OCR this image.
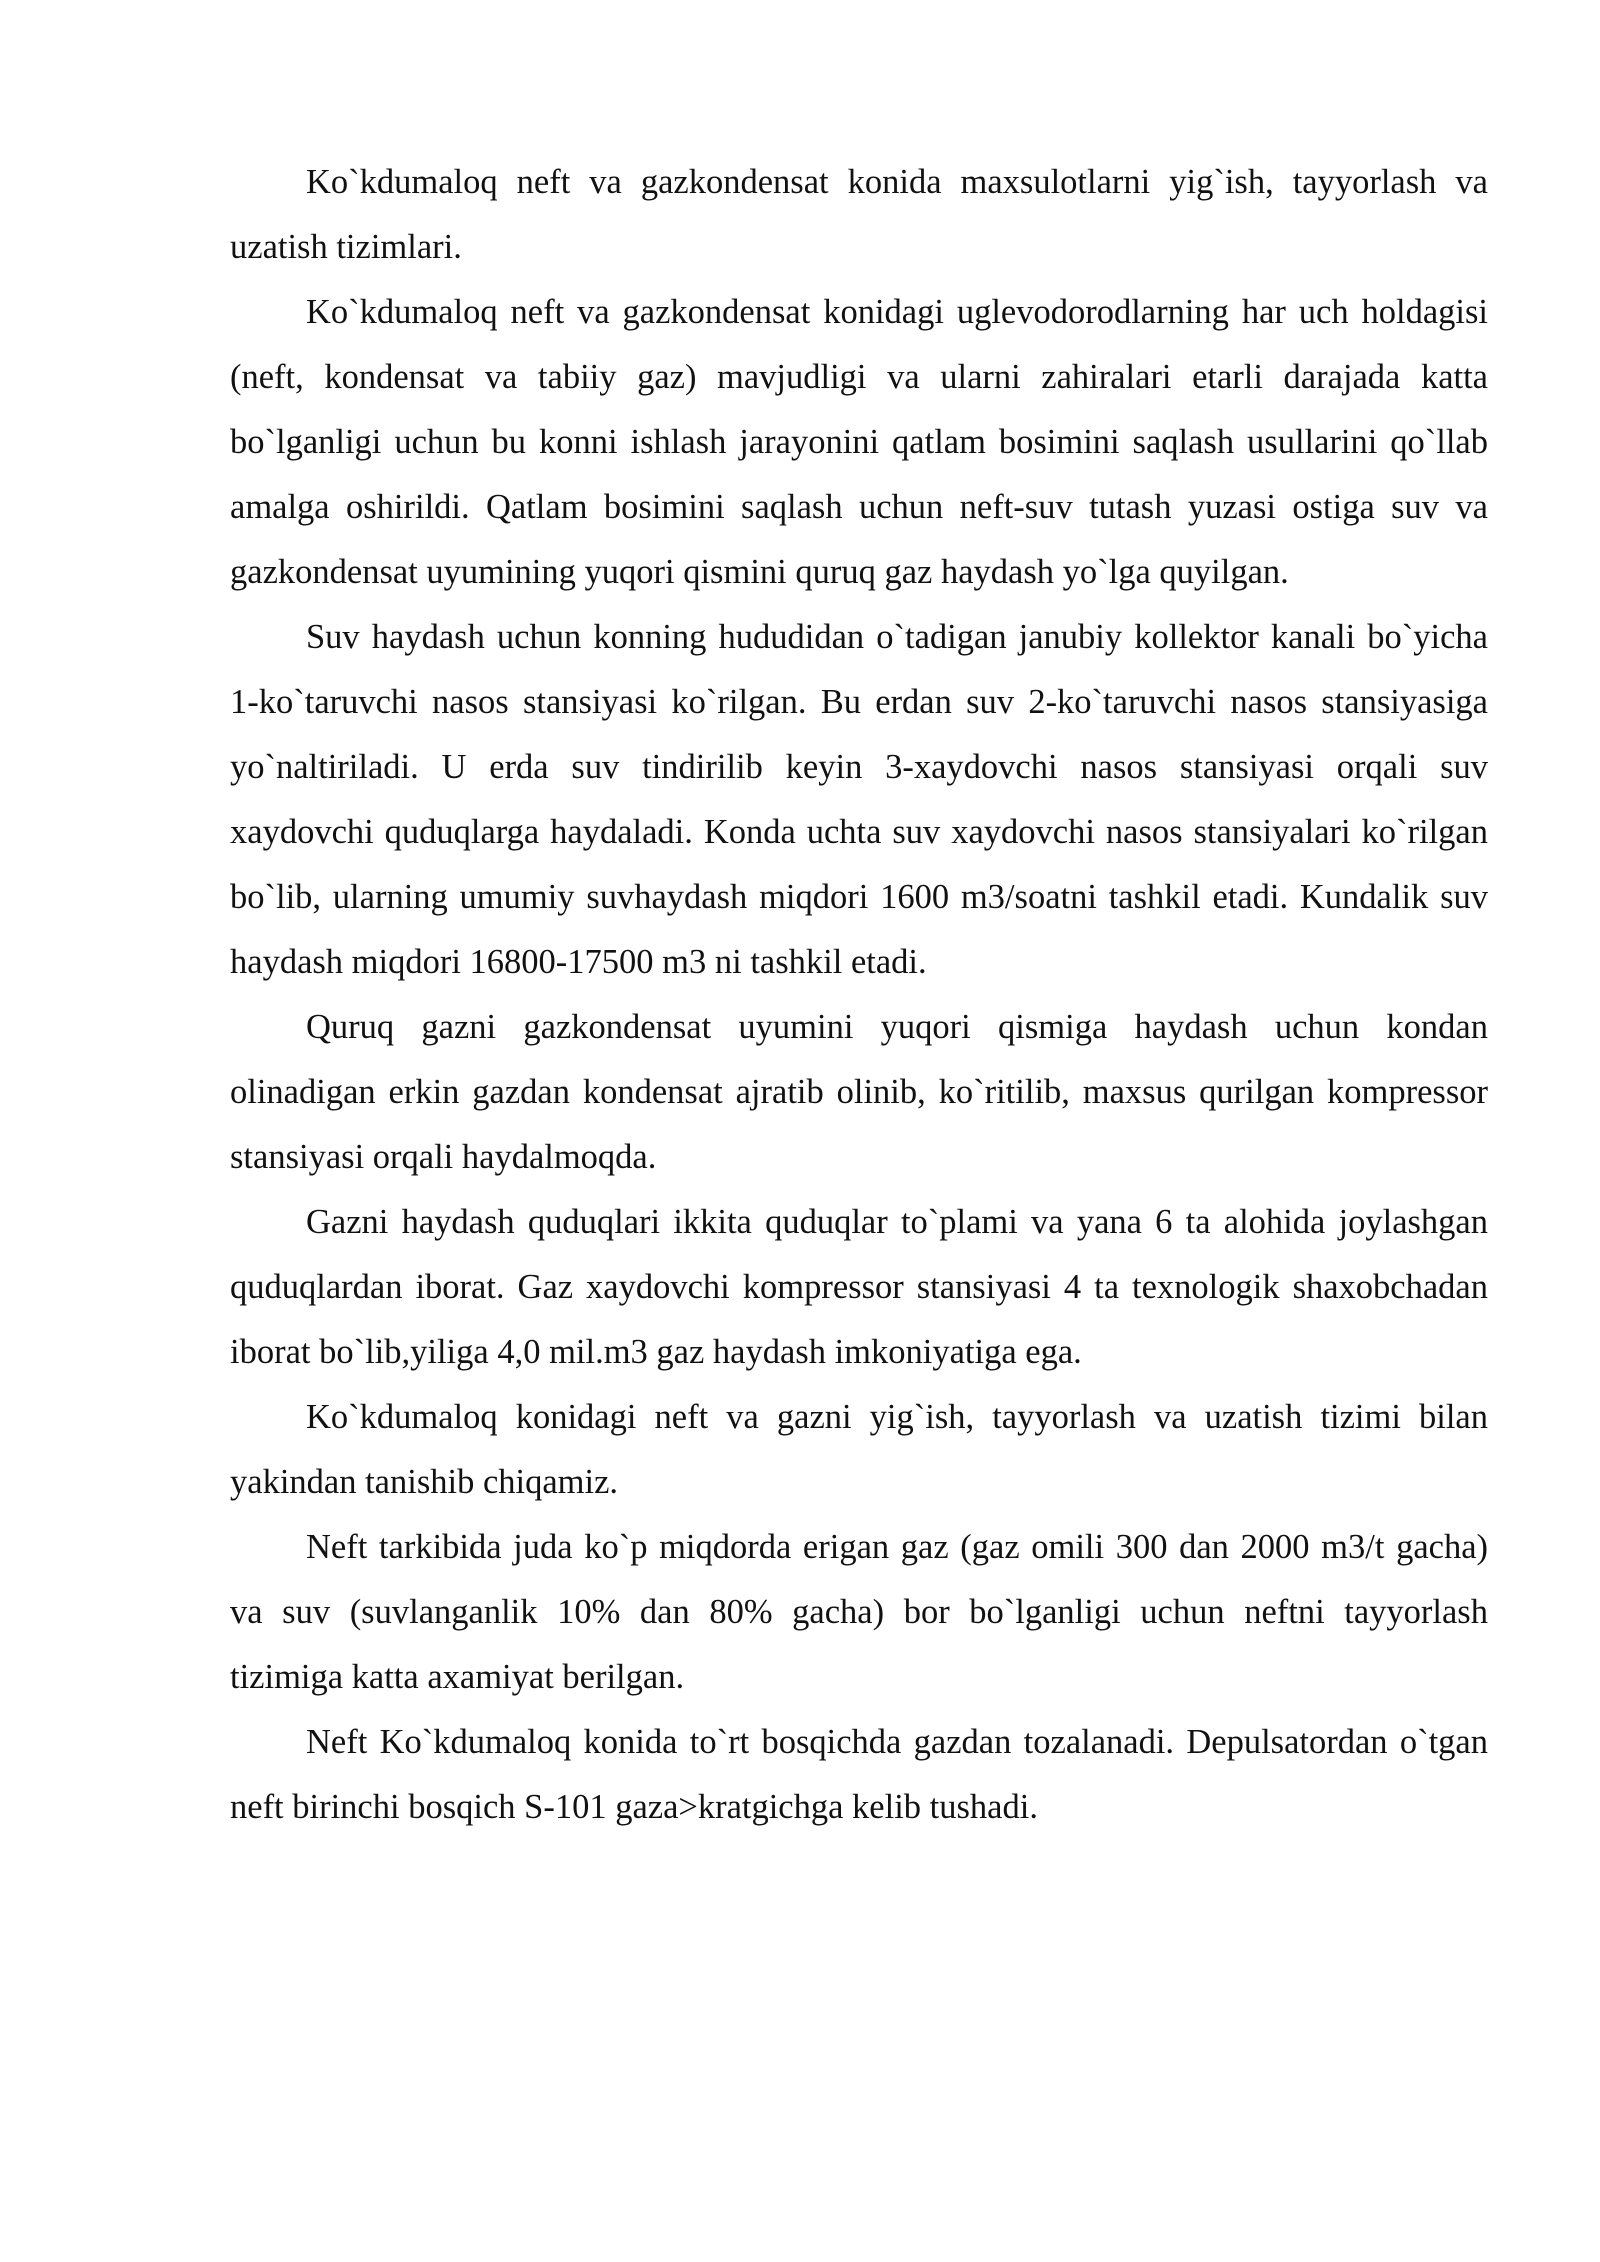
Ko`kdumaloq neft va gazkondensat konida maxsulotlarni yig`ish, tayyorlash va uzatish tizimlari.

Ko`kdumaloq neft va gazkondensat konidagi uglevodorodlarning har uch holdagisi (neft, kondensat va tabiiy gaz) mavjudligi va ularni zahiralari etarli darajada katta bo`lganligi uchun bu konni ishlash jarayonini qatlam bosimini saqlash usullarini qo`llab amalga oshirildi. Qatlam bosimini saqlash uchun neft-suv tutash yuzasi ostiga suv va gazkondensat uyumining yuqori qismini quruq gaz haydash yo`lga quyilgan.

Suv haydash uchun konning hududidan o`tadigan janubiy kollektor kanali bo`yicha 1-ko`taruvchi nasos stansiyasi ko`rilgan. Bu erdan suv 2-ko`taruvchi nasos stansiyasiga yo`naltiriladi. U erda suv tindirilib keyin 3-xaydovchi nasos stansiyasi orqali suv xaydovchi quduqlarga haydaladi. Konda uchta suv xaydovchi nasos stansiyalari ko`rilgan bo`lib, ularning umumiy suvhaydash miqdori 1600 m3/soatni tashkil etadi. Kundalik suv haydash miqdori 16800-17500 m3 ni tashkil etadi.

Quruq gazni gazkondensat uyumini yuqori qismiga haydash uchun kondan olinadigan erkin gazdan kondensat ajratib olinib, ko`ritilib, maxsus qurilgan kompressor stansiyasi orqali haydalmoqda.

Gazni haydash quduqlari ikkita quduqlar to`plami va yana 6 ta alohida joylashgan quduqlardan iborat. Gaz xaydovchi kompressor stansiyasi 4 ta texnologik shaxobchadan iborat bo`lib,yiliga 4,0 mil.m3 gaz haydash imkoniyatiga ega.

Ko`kdumaloq konidagi neft va gazni yig`ish, tayyorlash va uzatish tizimi bilan yakindan tanishib chiqamiz.

Neft tarkibida juda ko`p miqdorda erigan gaz (gaz omili 300 dan 2000 m3/t gacha) va suv (suvlanganlik 10% dan 80% gacha) bor bo`lganligi uchun neftni tayyorlash tizimiga katta axamiyat berilgan.

Neft Ko`kdumaloq konida to`rt bosqichda gazdan tozalanadi. Depulsatordan o`tgan neft birinchi bosqich S-101 gaza>kratgichga kelib tushadi.
